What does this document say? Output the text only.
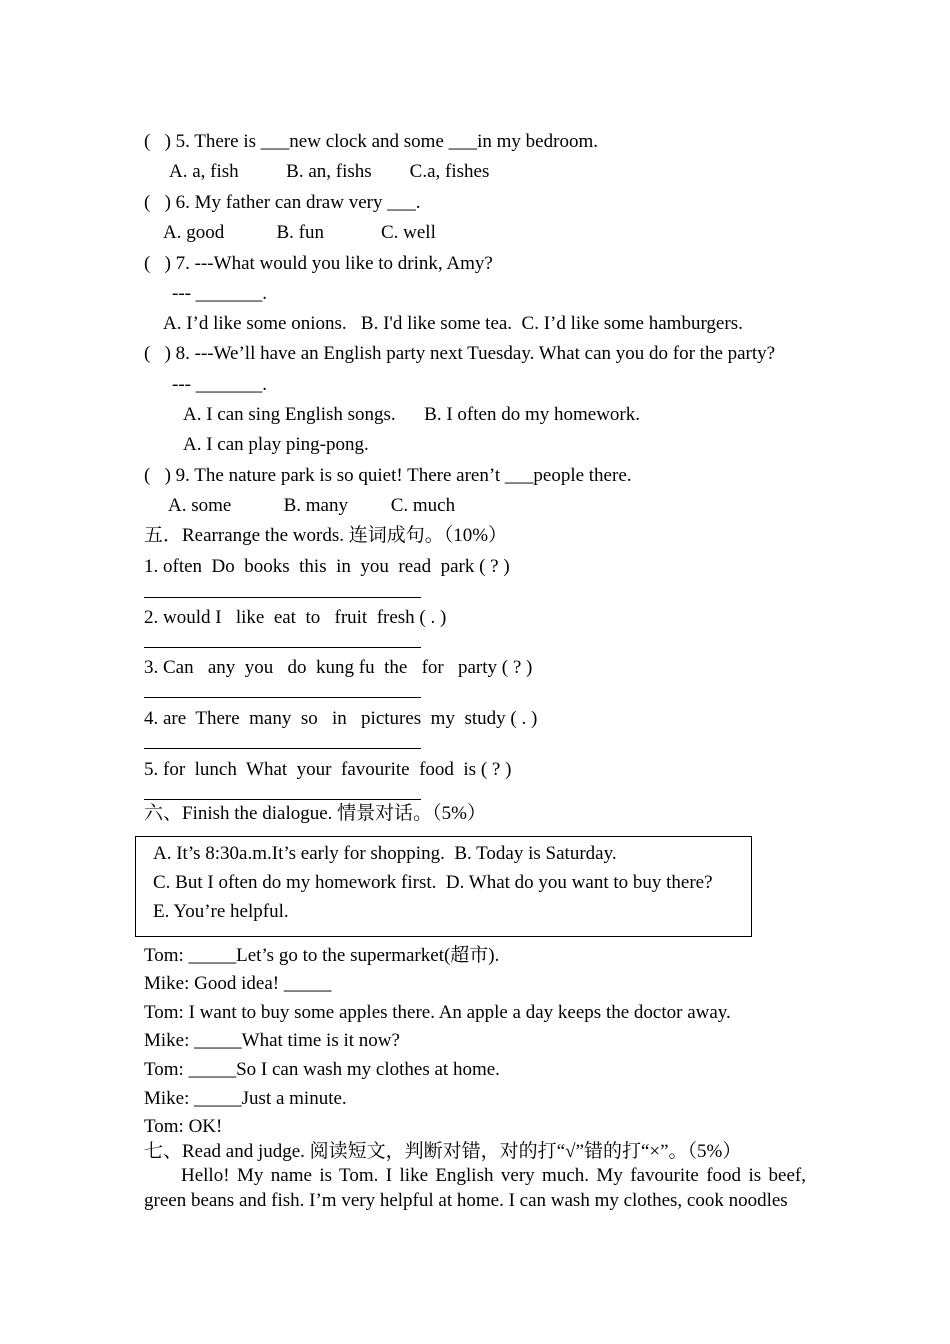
(   ) 5. There is ___new clock and some ___in my bedroom.
A. a, fish          B. an, fishs        C.a, fishes
(   ) 6. My father can draw very ___.
A. good           B. fun            C. well
(   ) 7. ---What would you like to drink, Amy?
--- _______.
A. I’d like some onions.   B. I'd like some tea.  C. I’d like some hamburgers.
(   ) 8. ---We’ll have an English party next Tuesday. What can you do for the party?
--- _______.
A. I can sing English songs.      B. I often do my homework.
A. I can play ping-pong.
(   ) 9. The nature park is so quiet! There aren’t ___people there.
A. some           B. many         C. much
五．Rearrange the words. 连词成句。（10%）
1. often  Do  books  this  in  you  read  park ( ? )
2. would I   like  eat  to   fruit  fresh ( . )
3. Can   any  you   do  kung fu  the   for   party ( ? )
4. are  There  many  so   in   pictures  my  study ( . )
5. for  lunch  What  your  favourite  food  is ( ? )
六、Finish the dialogue. 情景对话。（5%）
A. It’s 8:30a.m.It’s early for shopping.  B. Today is Saturday.
C. But I often do my homework first.  D. What do you want to buy there?
E. You’re helpful.
Tom: _____Let’s go to the supermarket(超市).
Mike: Good idea! _____
Tom: I want to buy some apples there. An apple a day keeps the doctor away.
Mike: _____What time is it now?
Tom: _____So I can wash my clothes at home.
Mike: _____Just a minute.
Tom: OK!
七、Read and judge. 阅读短文，判断对错，对的打“√”错的打“×”。（5%）
Hello! My name is Tom. I like English very much. My favourite food is beef, green beans and fish. I’m very helpful at home. I can wash my clothes, cook noodles
